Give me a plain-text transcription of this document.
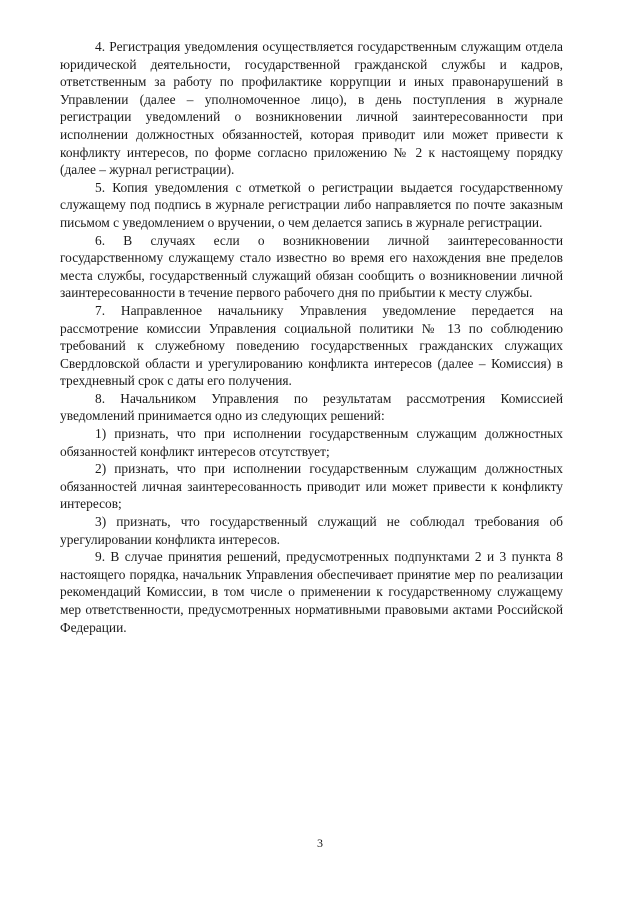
4. Регистрация уведомления осуществляется государственным служащим отдела юридической деятельности, государственной гражданской службы и кадров, ответственным за работу по профилактике коррупции и иных правонарушений в Управлении (далее – уполномоченное лицо), в день поступления в журнале регистрации уведомлений о возникновении личной заинтересованности при исполнении должностных обязанностей, которая приводит или может привести к конфликту интересов, по форме согласно приложению № 2 к настоящему порядку (далее – журнал регистрации).

5. Копия уведомления с отметкой о регистрации выдается государственному служащему под подпись в журнале регистрации либо направляется по почте заказным письмом с уведомлением о вручении, о чем делается запись в журнале регистрации.

6. В случаях если о возникновении личной заинтересованности государственному служащему стало известно во время его нахождения вне пределов места службы, государственный служащий обязан сообщить о возникновении личной заинтересованности в течение первого рабочего дня по прибытии к месту службы.

7. Направленное начальнику Управления уведомление передается на рассмотрение комиссии Управления социальной политики № 13 по соблюдению требований к служебному поведению государственных гражданских служащих Свердловской области и урегулированию конфликта интересов (далее – Комиссия) в трехдневный срок с даты его получения.

8. Начальником Управления по результатам рассмотрения Комиссией уведомлений принимается одно из следующих решений:

1) признать, что при исполнении государственным служащим должностных обязанностей конфликт интересов отсутствует;

2) признать, что при исполнении государственным служащим должностных обязанностей личная заинтересованность приводит или может привести к конфликту интересов;

3) признать, что государственный служащий не соблюдал требования об урегулировании конфликта интересов.

9. В случае принятия решений, предусмотренных подпунктами 2 и 3 пункта 8 настоящего порядка, начальник Управления обеспечивает принятие мер по реализации рекомендаций Комиссии, в том числе о применении к государственному служащему мер ответственности, предусмотренных нормативными правовыми актами Российской Федерации.

3
